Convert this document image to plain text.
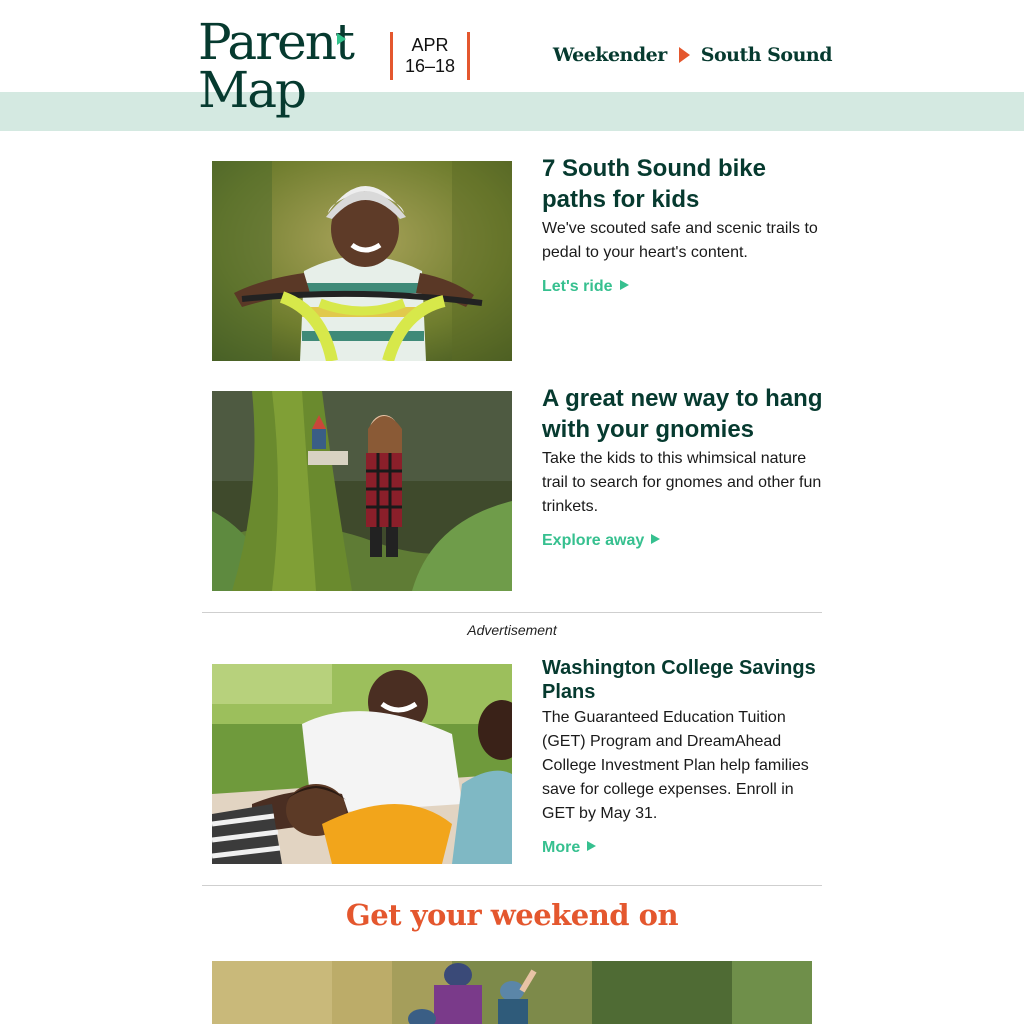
Parent
Map
APR
16–18	Weekender South Sound
7 South Sound bike paths for kids

We've scouted safe and scenic trails to pedal to your heart's content.

Let's ride
A great new way to hang with your gnomies

Take the kids to this whimsical nature trail to search for gnomes and other fun trinkets.

Explore away
Advertisement
Washington College Savings Plans

The Guaranteed Education Tuition (GET) Program and DreamAhead College Investment Plan help families save for college expenses. Enroll in GET by May 31.

More
Get your weekend on
